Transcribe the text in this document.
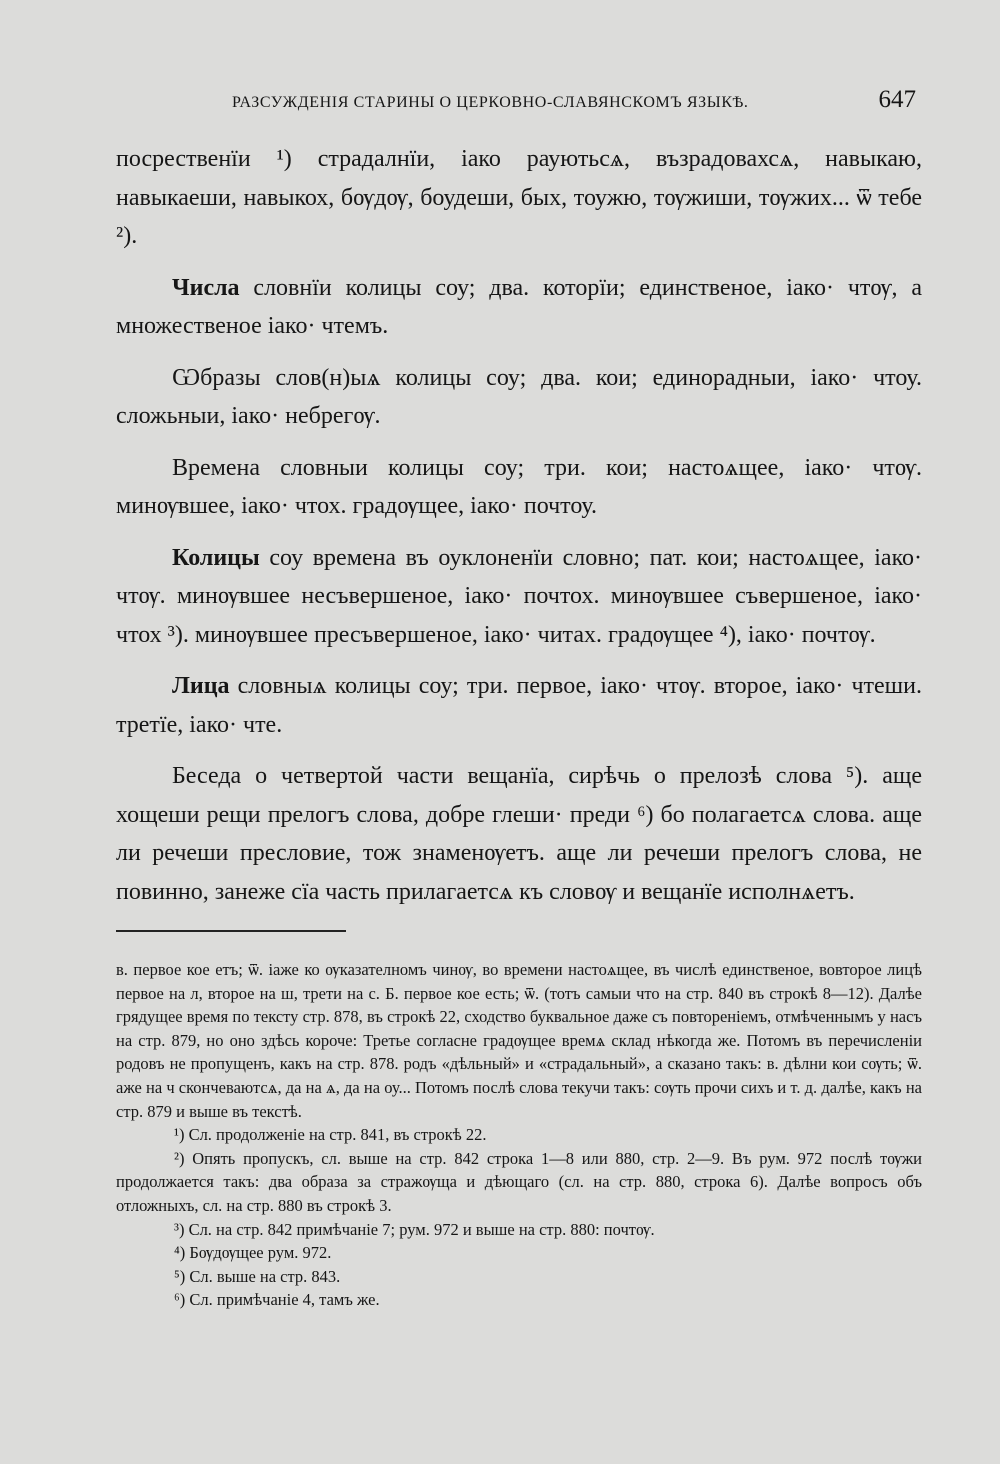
РАЗСУЖДЕНІЯ СТАРИНЫ О ЦЕРКОВНО-СЛАВЯНСКОМЪ ЯЗЫКѢ.	647

посрественїи ¹) страдалнїи, іако рауютьсѧ, възрадовахсѧ, навыкаю, навыкаеши, навыкох, бѹдѹ, боудеши, быx, тоужю, тѹжиши, тѹжиx... ѿ тебе ²).

Числа словнїи колицы соу; два. которїи; единственое, іако· чтѹ, а множественое іако· чтемъ.

Ѡбразы слов(н)ыѧ колицы соу; два. кои; единорадныи, іако· чтоу. сложьныи, іако· небрегѹ.

Времена словныи колицы соу; три. кои; настоѧщее, іако· чтѹ. минѹвшее, іако· чтох. градѹщее, іако· почтоу.

Колицы соу времена въ оуклоненїи словно; пат. кои; настоѧщее, іако· чтѹ. минѹвшее несъвершеное, іако· почтох. минѹвшее съвершеное, іако· чтох ³). минѹвшее пресъвершеное, іако· читах. градѹщее ⁴), іако· почтѹ.

Лица словныѧ колицы соу; три. первое, іако· чтѹ. второе, іако· чтеши. третїе, іако· чте.

Беседа о четвертой части вещанїа, сирѣчь о прелозѣ слова ⁵). аще хощеши рещи прелогъ слова, добре глеши· преди ⁶) бо полагаетсѧ слова. аще ли речеши пресловие, тож знаменѹетъ. аще ли речеши прелогъ слова, не повинно, занеже сїа часть прилагаетсѧ къ словѹ и вещанїе исполнѧетъ.

в. первое кое етъ; ѿ. іаже ко ѹказателномъ чинѹ, во времени настоѧщее, въ числѣ единственое, вовторое лицѣ первое на л, второе на ш, трети на с. Б. первое кое есть; ѿ. (тотъ самыи что на стр. 840 въ строкѣ 8—12). Далѣе грядущее время по тексту стр. 878, въ строкѣ 22, сходство буквальное даже съ повтореніемъ, отмѣченнымъ у насъ на стр. 879, но оно здѣсь короче: Третье согласне градѹщее времѧ склад нѣкогда же. Потомъ въ перечисленіи родовъ не пропущенъ, какъ на стр. 878. родъ «дѣльный» и «страдальный», а сказано такъ: в. дѣлни кои сѹть; ѿ. аже на ч скончеваютсѧ, да на ѧ, да на оу... Потомъ послѣ слова текучи такъ: сѹть прочи сихъ и т. д. далѣе, какъ на стр. 879 и выше въ текстѣ.

¹) Сл. продолженіе на стр. 841, въ строкѣ 22.

²) Опять пропускъ, сл. выше на стр. 842 строка 1—8 или 880, стр. 2—9. Въ рум. 972 послѣ тѹжи продолжается такъ: два образа за стражѹща и дѣющаго (сл. на стр. 880, строка 6). Далѣе вопросъ объ отложныхъ, сл. на стр. 880 въ строкѣ 3.

³) Сл. на стр. 842 примѣчаніе 7; рум. 972 и выше на стр. 880: почтѹ.

⁴) Бѹдѹщее рум. 972.

⁵) Сл. выше на стр. 843.

⁶) Сл. примѣчаніе 4, тамъ же.
